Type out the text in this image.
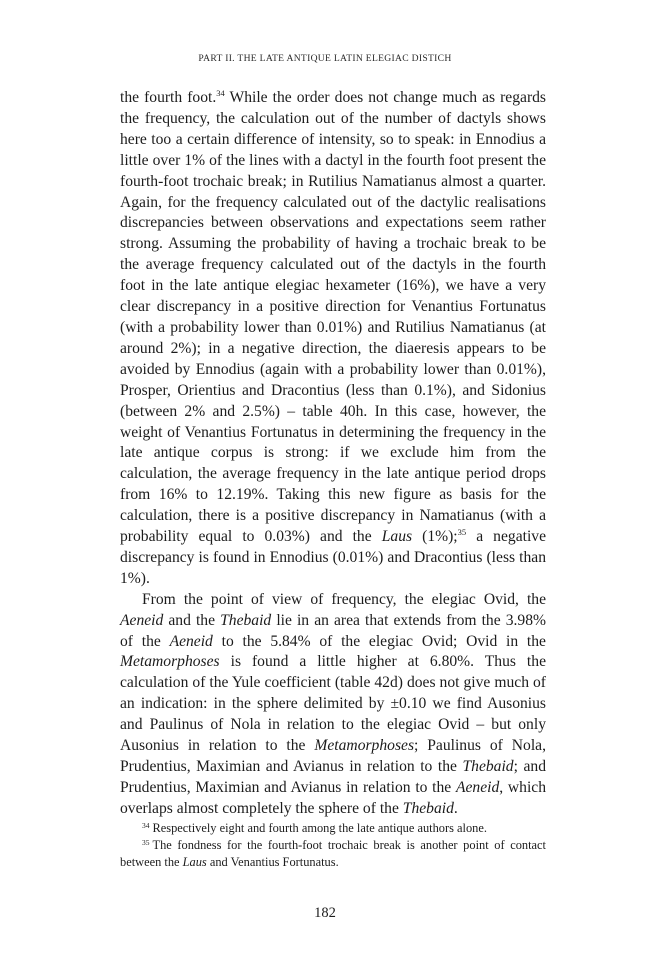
PART II. THE LATE ANTIQUE LATIN ELEGIAC DISTICH

the fourth foot.$^{34}$ While the order does not change much as regards the frequency, the calculation out of the number of dactyls shows here too a certain difference of intensity, so to speak: in Ennodius a little over 1% of the lines with a dactyl in the fourth foot present the fourth-foot trochaic break; in Rutilius Namatianus almost a quarter. Again, for the frequency calculated out of the dactylic realisations discrepancies between observations and expectations seem rather strong. Assuming the probability of having a trochaic break to be the average frequency calculated out of the dactyls in the fourth foot in the late antique elegiac hexameter (16%), we have a very clear discrepancy in a positive direction for Venantius Fortunatus (with a probability lower than 0.01%) and Rutilius Namatianus (at around 2%); in a negative direction, the diaeresis appears to be avoided by Ennodius (again with a probability lower than 0.01%), Prosper, Orientius and Dracontius (less than 0.1%), and Sidonius (between 2% and 2.5%) – table 40h. In this case, however, the weight of Venantius Fortunatus in determining the frequency in the late antique corpus is strong: if we exclude him from the calculation, the average frequency in the late antique period drops from 16% to 12.19%. Taking this new figure as basis for the calculation, there is a positive discrepancy in Namatianus (with a probability equal to 0.03%) and the Laus (1%);$^{35}$ a negative discrepancy is found in Ennodius (0.01%) and Dracontius (less than 1%).

From the point of view of frequency, the elegiac Ovid, the Aeneid and the Thebaid lie in an area that extends from the 3.98% of the Aeneid to the 5.84% of the elegiac Ovid; Ovid in the Metamorphoses is found a little higher at 6.80%. Thus the calculation of the Yule coefficient (table 42d) does not give much of an indication: in the sphere delimited by ±0.10 we find Ausonius and Paulinus of Nola in relation to the elegiac Ovid – but only Ausonius in relation to the Metamorphoses; Paulinus of Nola, Prudentius, Maximian and Avianus in relation to the Thebaid; and Prudentius, Maximian and Avianus in relation to the Aeneid, which overlaps almost completely the sphere of the Thebaid.

$^{34}$ Respectively eight and fourth among the late antique authors alone.

$^{35}$ The fondness for the fourth-foot trochaic break is another point of contact between the Laus and Venantius Fortunatus.

182
